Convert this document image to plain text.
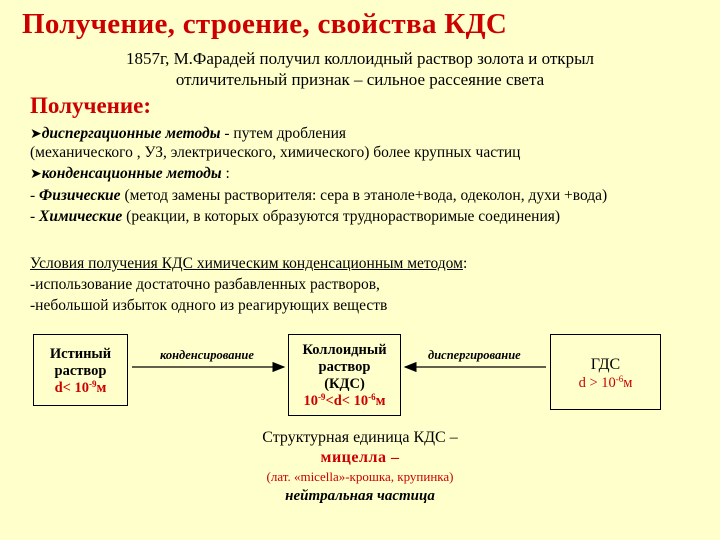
Получение, строение, свойства КДС
1857г, М.Фарадей получил коллоидный раствор золота и открыл
отличительный признак – сильное рассеяние света
Получение:
➤диспергационные методы - путем дробления
(механического , УЗ, электрического, химического) более крупных частиц
➤конденсационные методы :
- Физические (метод замены растворителя: сера в этаноле+вода, одеколон, духи +вода)
- Химические (реакции, в которых образуются труднорастворимые соединения)
Условия получения КДС химическим конденсационным методом:
-использование достаточно разбавленных растворов,
-небольшой избыток одного из реагирующих веществ
Истиный
раствор
$d< 10^{-9}м$
конденсирование	Коллоидный
раствор
(КДС)
$10^{-9}<d< 10^{-6}м$
диспергирование
ГДС
$d > 10^{-6}м$
Структурная единица КДС –
мицелла –
(лат. «micella»-крошка, крупинка)
нейтральная частица
